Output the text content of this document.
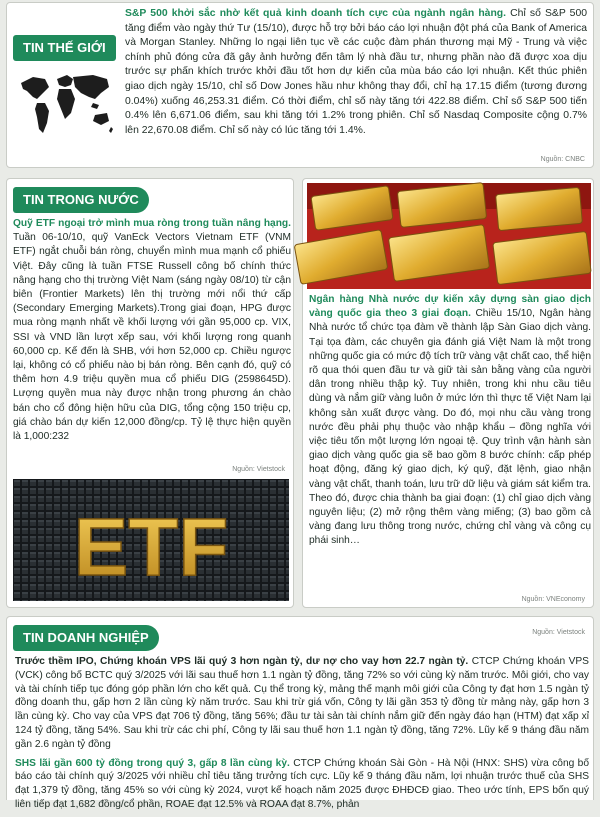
TIN THẾ GIỚI
S&P 500 khởi sắc nhờ kết quả kinh doanh tích cực của ngành ngân hàng. Chỉ số S&P 500 tăng điểm vào ngày thứ Tư (15/10), được hỗ trợ bởi báo cáo lợi nhuận đột phá của Bank of America và Morgan Stanley. Những lo ngại liên tục về các cuộc đàm phán thương mại Mỹ - Trung và việc chính phủ đóng cửa đã gây ảnh hưởng đến tâm lý nhà đầu tư, nhưng phần nào đã được xoa dịu trước sự phấn khích trước khởi đầu tốt hơn dự kiến của mùa báo cáo lợi nhuận. Kết thúc phiên giao dịch ngày 15/10, chỉ số Dow Jones hầu như không thay đổi, chỉ hạ 17.15 điểm (tương đương 0.04%) xuống 46,253.31 điểm. Có thời điểm, chỉ số này tăng tới 422.88 điểm. Chỉ số S&P 500 tiến 0.4% lên 6,671.06 điểm, sau khi tăng tới 1.2% trong phiên. Chỉ số Nasdaq Composite cộng 0.7% lên 22,670.08 điểm. Chỉ số này có lúc tăng tới 1.4%.
Nguồn: CNBC
TIN TRONG NƯỚC
Quỹ ETF ngoại trở mình mua ròng trong tuần nâng hạng. Tuần 06-10/10, quỹ VanEck Vectors Vietnam ETF (VNM ETF) ngắt chuỗi bán ròng, chuyển mình mua mạnh cổ phiếu Việt. Đây cũng là tuần FTSE Russell công bố chính thức nâng hạng cho thị trường Việt Nam (sáng ngày 08/10) từ cận biên (Frontier Markets) lên thị trường mới nổi thứ cấp (Secondary Emerging Markets).Trong giai đoạn, HPG được mua ròng mạnh nhất về khối lượng với gần 95,000 cp. VIX, SSI và VND lần lượt xếp sau, với khối lượng rong quanh 60,000 cp. Kế đến là SHB, với hơn 52,000 cp. Chiều ngược lại, không có cổ phiếu nào bị bán ròng. Bên cạnh đó, quỹ có thêm hơn 4.9 triệu quyền mua cổ phiếu DIG (2598645D). Lượng quyền mua này được nhận trong phương án chào bán cho cổ đông hiện hữu của DIG, tổng cộng 150 triệu cp, giá chào bán dự kiến 12,000 đồng/cp. Tỷ lệ thực hiện quyền là 1,000:232
Nguồn: Vietstock
ETF
Ngân hàng Nhà nước dự kiến xây dựng sàn giao dịch vàng quốc gia theo 3 giai đoạn. Chiều 15/10, Ngân hàng Nhà nước tổ chức tọa đàm về thành lập Sàn Giao dịch vàng. Tại tọa đàm, các chuyên gia đánh giá Việt Nam là một trong những quốc gia có mức độ tích trữ vàng vật chất cao, thể hiện rõ qua thói quen đầu tư và giữ tài sản bằng vàng của người dân trong nhiều thập kỷ. Tuy nhiên, trong khi nhu cầu tiêu dùng và nắm giữ vàng luôn ở mức lớn thì thực tế Việt Nam lại không sản xuất được vàng. Do đó, mọi nhu cầu vàng trong nước đều phải phụ thuộc vào nhập khẩu – đồng nghĩa với việc tiêu tốn một lượng lớn ngoại tệ. Quy trình vận hành sàn giao dịch vàng quốc gia sẽ bao gồm 8 bước chính: cấp phép hoạt động, đăng ký giao dịch, ký quỹ, đặt lệnh, giao nhận vàng vật chất, thanh toán, lưu trữ dữ liệu và giám sát kiểm tra. Theo đó, được chia thành ba giai đoạn: (1) chỉ giao dịch vàng nguyên liệu; (2) mở rộng thêm vàng miếng; (3) bao gồm cả vàng đang lưu thông trong nước, chứng chỉ vàng và công cụ phái sinh…
Nguồn: VNEconomy
TIN DOANH NGHIỆP	Nguồn: Vietstock

Trước thềm IPO, Chứng khoán VPS lãi quý 3 hơn ngàn tỷ, dư nợ cho vay hơn 22.7 ngàn tỷ. CTCP Chứng khoán VPS (VCK) công bố BCTC quý 3/2025 với lãi sau thuế hơn 1.1 ngàn tỷ đồng, tăng 72% so với cùng kỳ năm trước. Môi giới, cho vay và tài chính tiếp tục đóng góp phần lớn cho kết quả. Cụ thể trong kỳ, mảng thế mạnh môi giới của Công ty đạt hơn 1.5 ngàn tỷ đồng doanh thu, gấp hơn 2 lần cùng kỳ năm trước. Sau khi trừ giá vốn, Công ty lãi gần 353 tỷ đồng từ mảng này, gấp hơn 3 lần cùng kỳ. Cho vay của VPS đạt 706 tỷ đồng, tăng 56%; đầu tư tài sản tài chính nắm giữ đến ngày đáo hạn (HTM) đạt xấp xỉ 124 tỷ đồng, tăng 54%. Sau khi trừ các chi phí, Công ty lãi sau thuế hơn 1.1 ngàn tỷ đồng, tăng 72%. Lũy kế 9 tháng đầu năm gần 2.6 ngàn tỷ đồng

SHS lãi gần 600 tỷ đồng trong quý 3, gấp 8 lần cùng kỳ. CTCP Chứng khoán Sài Gòn - Hà Nội (HNX: SHS) vừa công bố báo cáo tài chính quý 3/2025 với nhiều chỉ tiêu tăng trưởng tích cực. Lũy kế 9 tháng đầu năm, lợi nhuận trước thuế của SHS đạt 1,379 tỷ đồng, tăng 45% so với cùng kỳ 2024, vượt kế hoạch năm 2025 được ĐHĐCĐ giao. Theo ước tính, EPS bốn quý liên tiếp đạt 1,682 đồng/cổ phần, ROAE đạt 12.5% và ROAA đạt 8.7%, phản
